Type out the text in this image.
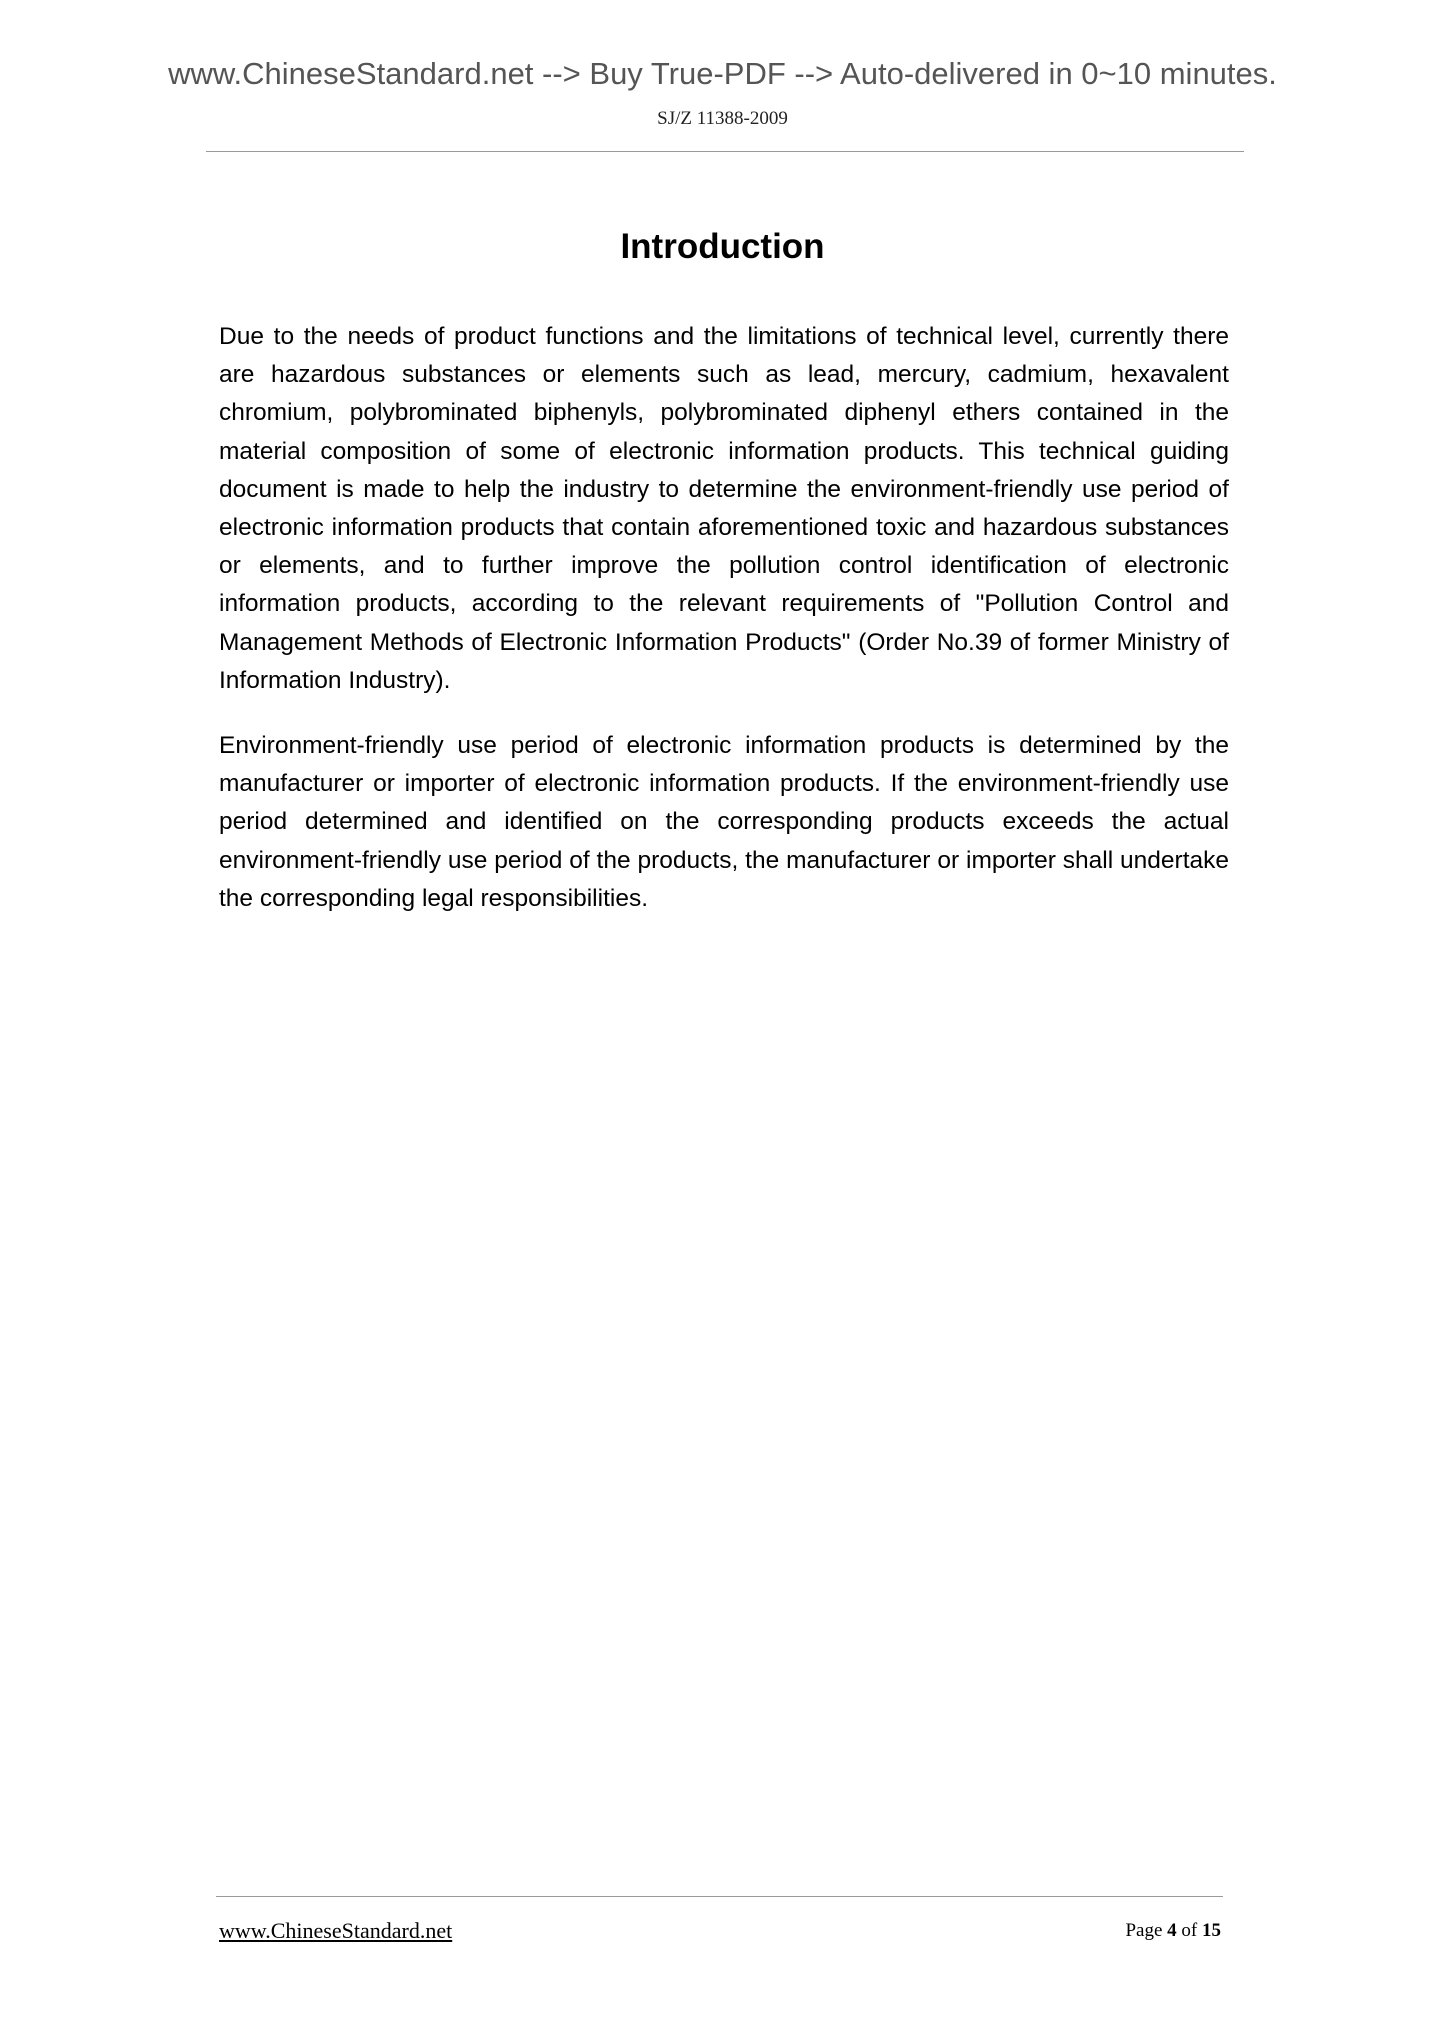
www.ChineseStandard.net --> Buy True-PDF --> Auto-delivered in 0~10 minutes.
SJ/Z 11388-2009
Introduction

Due to the needs of product functions and the limitations of technical level, currently there are hazardous substances or elements such as lead, mercury, cadmium, hexavalent chromium, polybrominated biphenyls, polybrominated diphenyl ethers contained in the material composition of some of electronic information products. This technical guiding document is made to help the industry to determine the environment-friendly use period of electronic information products that contain aforementioned toxic and hazardous substances or elements, and to further improve the pollution control identification of electronic information products, according to the relevant requirements of "Pollution Control and Management Methods of Electronic Information Products" (Order No.39 of former Ministry of Information Industry).

Environment-friendly use period of electronic information products is determined by the manufacturer or importer of electronic information products. If the environment-friendly use period determined and identified on the corresponding products exceeds the actual environment-friendly use period of the products, the manufacturer or importer shall undertake the corresponding legal responsibilities.

www.ChineseStandard.net	Page 4 of 15
